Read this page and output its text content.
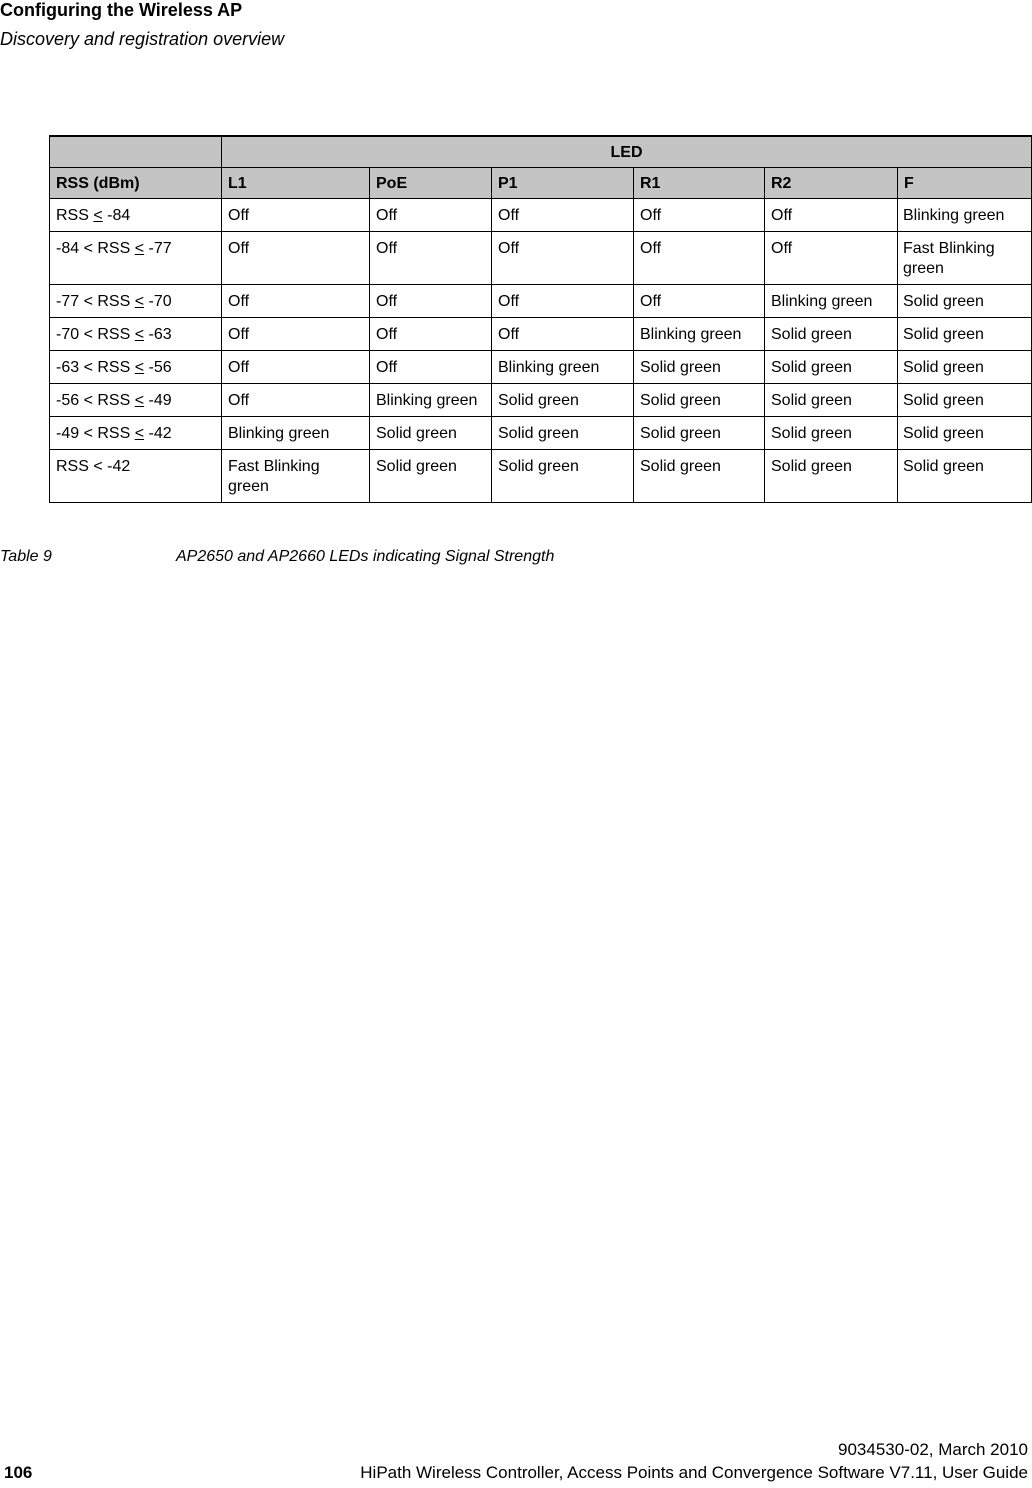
Configuring the Wireless AP
Discovery and registration overview
	LED					
RSS (dBm)	L1	PoE	P1	R1	R2	F
RSS < -84	Off	Off	Off	Off	Off	Blinking green
-84 < RSS < -77	Off	Off	Off	Off	Off	Fast Blinking green
-77 < RSS < -70	Off	Off	Off	Off	Blinking green	Solid green
-70 < RSS < -63	Off	Off	Off	Blinking green	Solid green	Solid green
-63 < RSS < -56	Off	Off	Blinking green	Solid green	Solid green	Solid green
-56 < RSS < -49	Off	Blinking green	Solid green	Solid green	Solid green	Solid green
-49 < RSS < -42	Blinking green	Solid green	Solid green	Solid green	Solid green	Solid green
RSS < -42	Fast Blinking green	Solid green	Solid green	Solid green	Solid green	Solid green
Table 9	AP2650 and AP2660 LEDs indicating Signal Strength
9034530-02, March 2010
106	HiPath Wireless Controller, Access Points and Convergence Software V7.11, User Guide
